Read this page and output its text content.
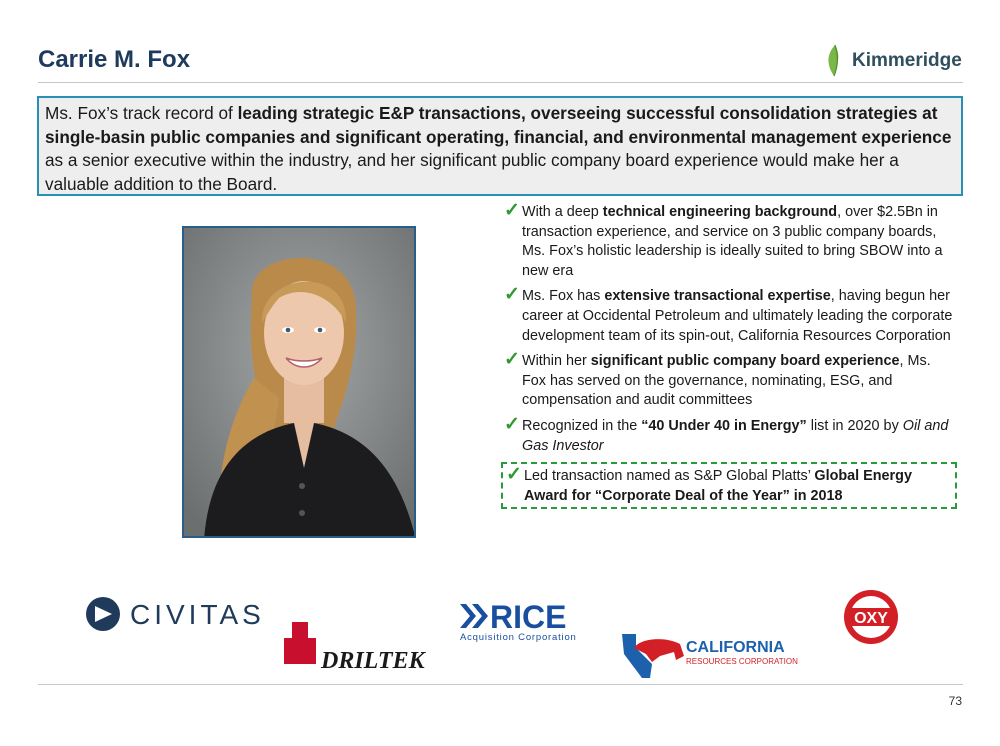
Carrie M. Fox	Kimmeridge
Ms. Fox’s track record of leading strategic E&P transactions, overseeing successful consolidation strategies at single-basin public companies and significant operating, financial, and environmental management experience as a senior executive within the industry, and her significant public company board experience would make her a valuable addition to the Board.
✓ With a deep technical engineering background, over $2.5Bn in transaction experience, and service on 3 public company boards, Ms. Fox’s holistic leadership is ideally suited to bring SBOW into a new era
✓ Ms. Fox has extensive transactional expertise, having begun her career at Occidental Petroleum and ultimately leading the corporate development team of its spin-out, California Resources Corporation
✓ Within her significant public company board experience, Ms. Fox has served on the governance, nominating, ESG, and compensation and audit committees
✓ Recognized in the “40 Under 40 in Energy” list in 2020 by Oil and Gas Investor
✓ Led transaction named as S&P Global Platts’ Global Energy Award for “Corporate Deal of the Year” in 2018
CIVITAS
DRILTEK
RICE
Acquisition Corporation
CALIFORNIA
RESOURCES CORPORATION
OXY
73
